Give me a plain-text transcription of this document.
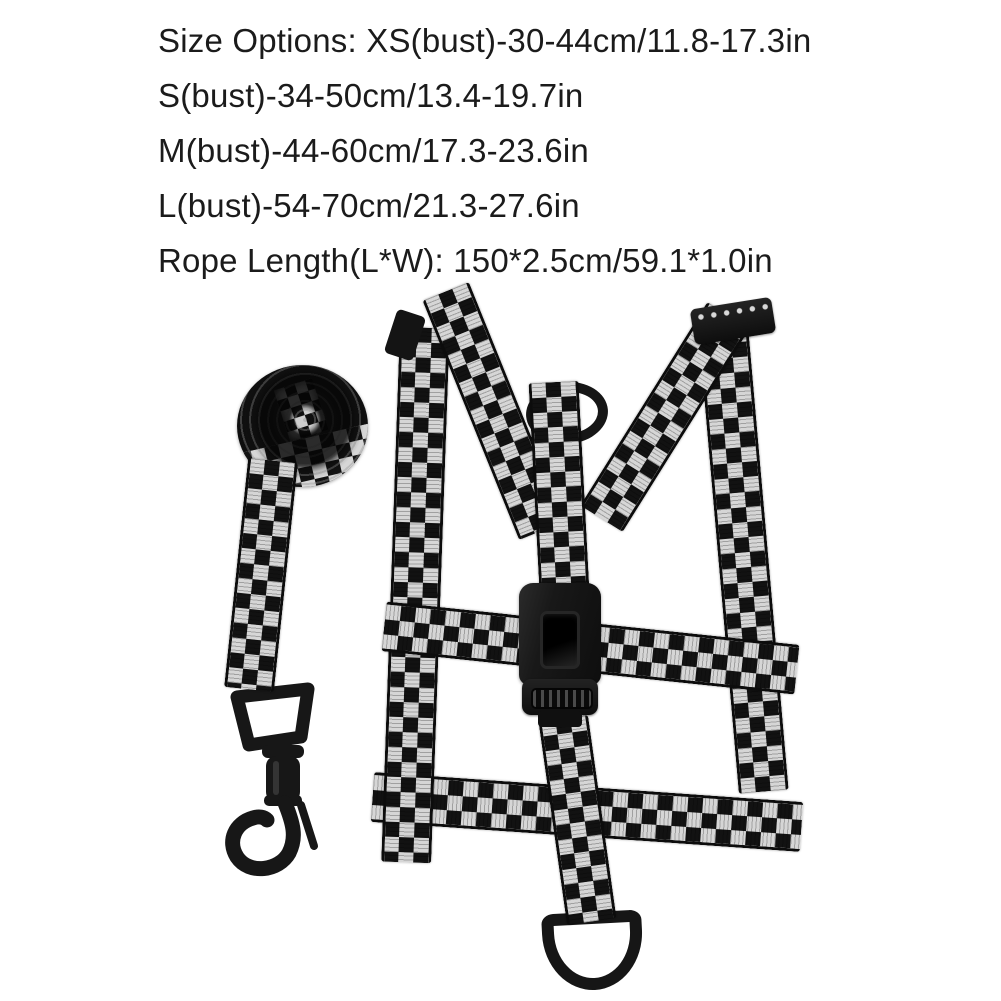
Size Options: XS(bust)-30-44cm/11.8-17.3in
S(bust)-34-50cm/13.4-19.7in
M(bust)-44-60cm/17.3-23.6in
L(bust)-54-70cm/21.3-27.6in
Rope Length(L*W): 150*2.5cm/59.1*1.0in
